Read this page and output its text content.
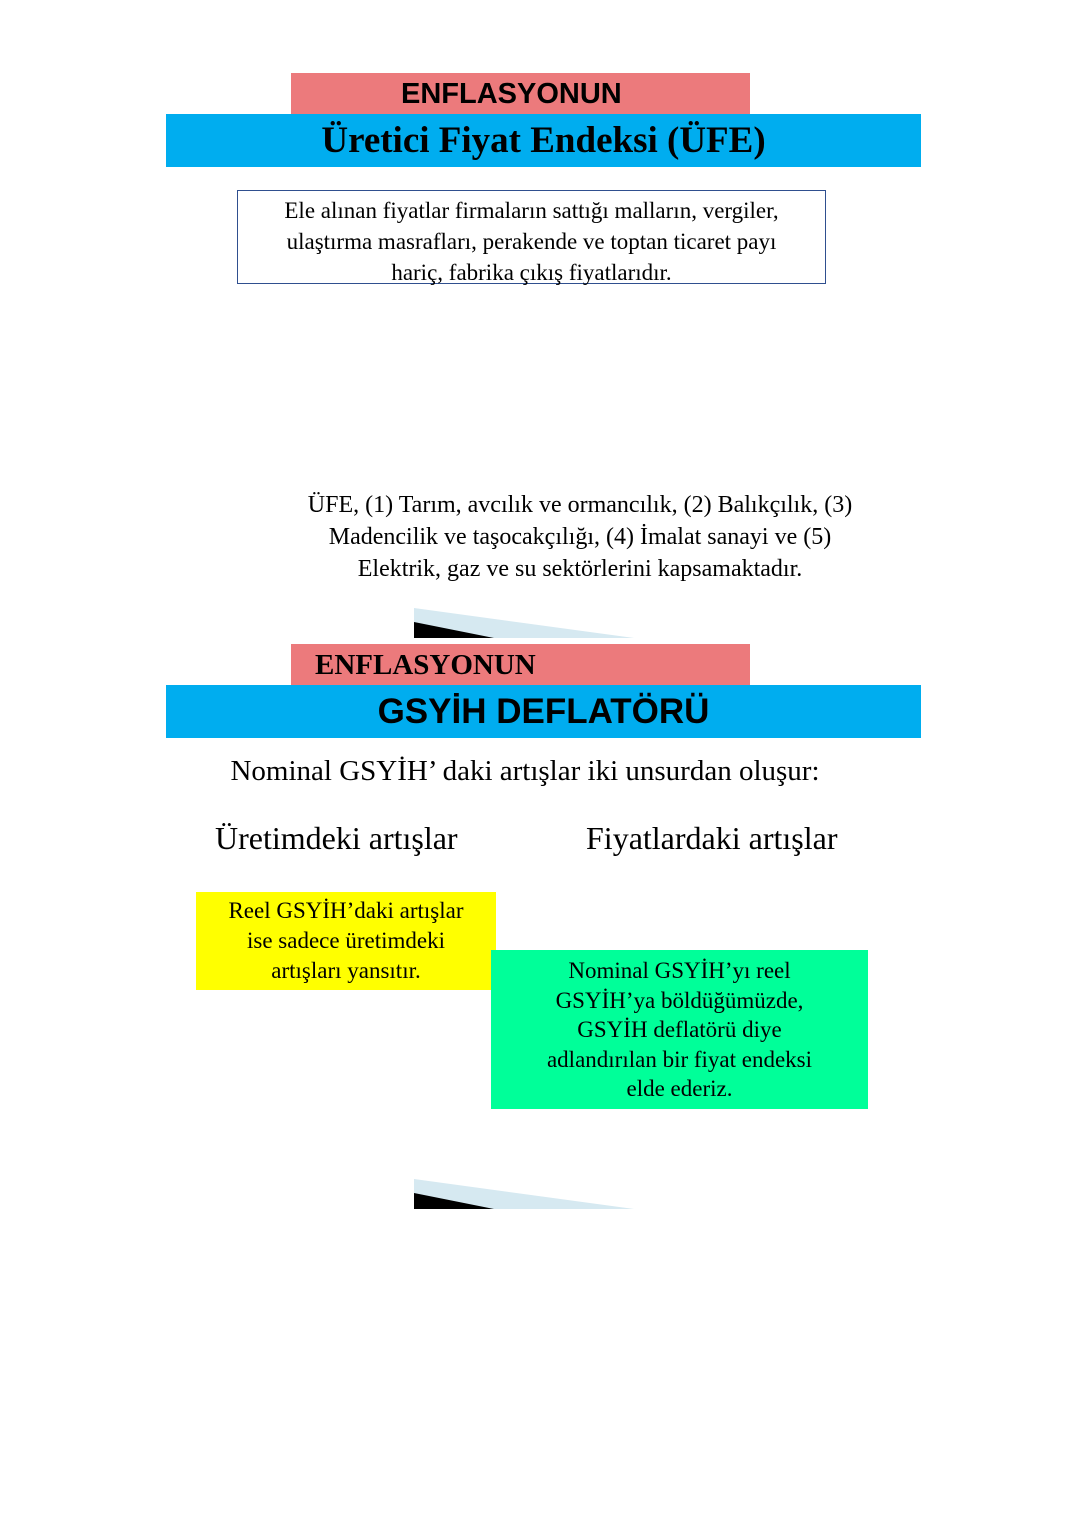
ENFLASYONUN
Üretici Fiyat Endeksi (ÜFE)
Ele alınan fiyatlar firmaların sattığı malların, vergiler,
ulaştırma masrafları, perakende ve toptan ticaret payı
hariç, fabrika çıkış fiyatlarıdır.
ÜFE, (1) Tarım, avcılık ve ormancılık, (2) Balıkçılık, (3)
Madencilik ve taşocakçılığı, (4) İmalat sanayi ve (5)
Elektrik, gaz ve su sektörlerini kapsamaktadır.
ENFLASYONUN
GSYİH DEFLATÖRÜ
Nominal GSYİH’ daki artışlar iki unsurdan oluşur:
Üretimdeki artışlar	Fiyatlardaki artışlar
Reel GSYİH’daki artışlar
ise sadece üretimdeki
artışları yansıtır.	Nominal GSYİH’yı reel
GSYİH’ya böldüğümüzde,
GSYİH deflatörü diye
adlandırılan bir fiyat endeksi
elde ederiz.
